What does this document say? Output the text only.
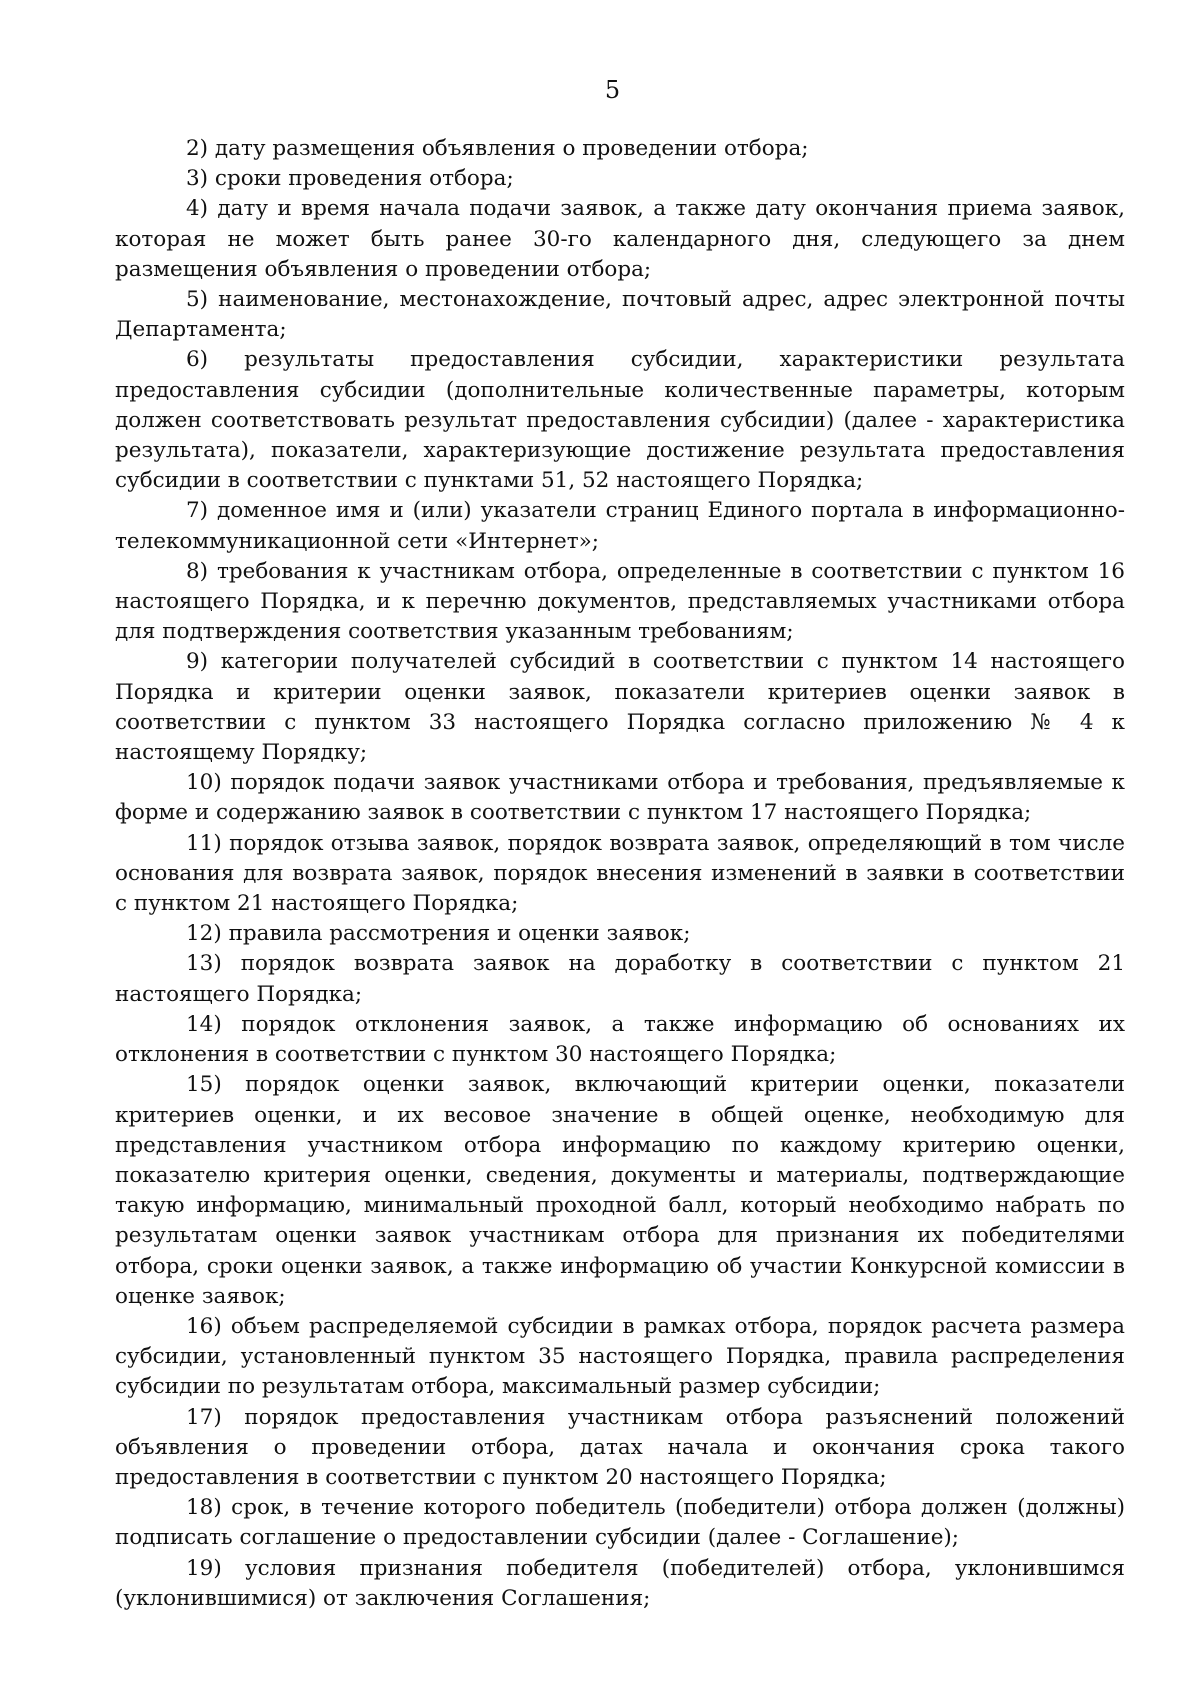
5

2) дату размещения объявления о проведении отбора;

3) сроки проведения отбора;

4) дату и время начала подачи заявок, а также дату окончания приема заявок, которая не может быть ранее 30-го календарного дня, следующего за днем размещения объявления о проведении отбора;

5) наименование, местонахождение, почтовый адрес, адрес электронной почты Департамента;

6) результаты предоставления субсидии, характеристики результата предоставления субсидии (дополнительные количественные параметры, которым должен соответствовать результат предоставления субсидии) (далее - характеристика результата), показатели, характеризующие достижение результата предоставления субсидии в соответствии с пунктами 51, 52 настоящего Порядка;

7) доменное имя и (или) указатели страниц Единого портала в информационно-телекоммуникационной сети «Интернет»;

8) требования к участникам отбора, определенные в соответствии с пунктом 16 настоящего Порядка, и к перечню документов, представляемых участниками отбора для подтверждения соответствия указанным требованиям;

9) категории получателей субсидий в соответствии с пунктом 14 настоящего Порядка и критерии оценки заявок, показатели критериев оценки заявок в соответствии с пунктом 33 настоящего Порядка согласно приложению № 4 к настоящему Порядку;

10) порядок подачи заявок участниками отбора и требования, предъявляемые к форме и содержанию заявок в соответствии с пунктом 17 настоящего Порядка;

11) порядок отзыва заявок, порядок возврата заявок, определяющий в том числе основания для возврата заявок, порядок внесения изменений в заявки в соответствии с пунктом 21 настоящего Порядка;

12) правила рассмотрения и оценки заявок;

13) порядок возврата заявок на доработку в соответствии с пунктом 21 настоящего Порядка;

14) порядок отклонения заявок, а также информацию об основаниях их отклонения в соответствии с пунктом 30 настоящего Порядка;

15) порядок оценки заявок, включающий критерии оценки, показатели критериев оценки, и их весовое значение в общей оценке, необходимую для представления участником отбора информацию по каждому критерию оценки, показателю критерия оценки, сведения, документы и материалы, подтверждающие такую информацию, минимальный проходной балл, который необходимо набрать по результатам оценки заявок участникам отбора для признания их победителями отбора, сроки оценки заявок, а также информацию об участии Конкурсной комиссии в оценке заявок;

16) объем распределяемой субсидии в рамках отбора, порядок расчета размера субсидии, установленный пунктом 35 настоящего Порядка, правила распределения субсидии по результатам отбора, максимальный размер субсидии;

17) порядок предоставления участникам отбора разъяснений положений объявления о проведении отбора, датах начала и окончания срока такого предоставления в соответствии с пунктом 20 настоящего Порядка;

18) срок, в течение которого победитель (победители) отбора должен (должны) подписать соглашение о предоставлении субсидии (далее - Соглашение);

19) условия признания победителя (победителей) отбора, уклонившимся (уклонившимися) от заключения Соглашения;
